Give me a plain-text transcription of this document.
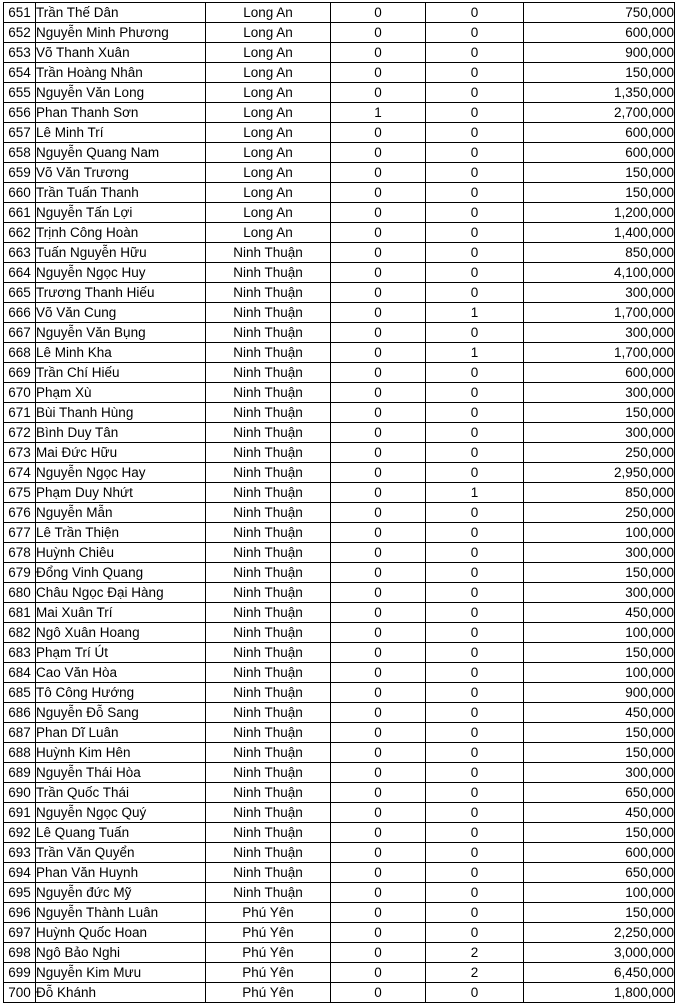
651	Trần Thế Dân	Long An	0	0	750,000
652	Nguyễn Minh Phương	Long An	0	0	600,000
653	Võ Thanh Xuân	Long An	0	0	900,000
654	Trần Hoàng Nhân	Long An	0	0	150,000
655	Nguyễn Văn Long	Long An	0	0	1,350,000
656	Phan Thanh Sơn	Long An	1	0	2,700,000
657	Lê Minh Trí	Long An	0	0	600,000
658	Nguyễn Quang Nam	Long An	0	0	600,000
659	Võ Văn Trương	Long An	0	0	150,000
660	Trần Tuấn Thanh	Long An	0	0	150,000
661	Nguyễn Tấn Lợi	Long An	0	0	1,200,000
662	Trịnh Công Hoàn	Long An	0	0	1,400,000
663	Tuấn Nguyễn Hữu	Ninh Thuận	0	0	850,000
664	Nguyễn Ngọc Huy	Ninh Thuận	0	0	4,100,000
665	Trương Thanh Hiếu	Ninh Thuận	0	0	300,000
666	Võ Văn Cung	Ninh Thuận	0	1	1,700,000
667	Nguyễn Văn Bụng	Ninh Thuận	0	0	300,000
668	Lê Minh Kha	Ninh Thuận	0	1	1,700,000
669	Trần Chí Hiếu	Ninh Thuận	0	0	600,000
670	Phạm Xù	Ninh Thuận	0	0	300,000
671	Bùi Thanh Hùng	Ninh Thuận	0	0	150,000
672	Bình Duy Tân	Ninh Thuận	0	0	300,000
673	Mai Đức Hữu	Ninh Thuận	0	0	250,000
674	Nguyễn Ngọc Hay	Ninh Thuận	0	0	2,950,000
675	Phạm Duy Nhứt	Ninh Thuận	0	1	850,000
676	Nguyễn Mẫn	Ninh Thuận	0	0	250,000
677	Lê Trần Thiện	Ninh Thuận	0	0	100,000
678	Huỳnh Chiêu	Ninh Thuận	0	0	300,000
679	Đổng Vinh Quang	Ninh Thuận	0	0	150,000
680	Châu Ngọc Đại Hàng	Ninh Thuận	0	0	300,000
681	Mai Xuân Trí	Ninh Thuận	0	0	450,000
682	Ngô Xuân Hoang	Ninh Thuận	0	0	100,000
683	Phạm Trí Út	Ninh Thuận	0	0	150,000
684	Cao Văn Hòa	Ninh Thuận	0	0	100,000
685	Tô Công Hướng	Ninh Thuận	0	0	900,000
686	Nguyễn Đỗ Sang	Ninh Thuận	0	0	450,000
687	Phan Dĩ Luân	Ninh Thuận	0	0	150,000
688	Huỳnh Kim Hên	Ninh Thuận	0	0	150,000
689	Nguyễn Thái Hòa	Ninh Thuận	0	0	300,000
690	Trần Quốc Thái	Ninh Thuận	0	0	650,000
691	Nguyễn Ngọc Quý	Ninh Thuận	0	0	450,000
692	Lê Quang Tuấn	Ninh Thuận	0	0	150,000
693	Trần Văn Quyển	Ninh Thuận	0	0	600,000
694	Phan Văn Huynh	Ninh Thuận	0	0	650,000
695	Nguyễn đức Mỹ	Ninh Thuận	0	0	100,000
696	Nguyễn Thành Luân	Phú Yên	0	0	150,000
697	Huỳnh Quốc Hoan	Phú Yên	0	0	2,250,000
698	Ngô Bảo Nghi	Phú Yên	0	2	3,000,000
699	Nguyễn Kim Mưu	Phú Yên	0	2	6,450,000
700	Đỗ Khánh	Phú Yên	0	0	1,800,000
